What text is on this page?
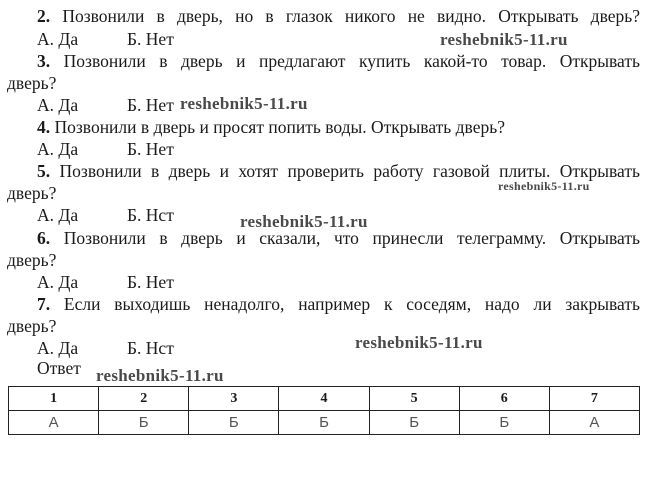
2. Позвонили в дверь, но в глазок никого не видно. Открывать дверь?
А. Да	Б. Нет
3. Позвонили в дверь и предлагают купить какой-то товар. Открывать
дверь?
А. Да	Б. Нет
4. Позвонили в дверь и просят попить воды. Открывать дверь?
А. Да	Б. Нет
5. Позвонили в дверь и хотят проверить работу газовой плиты. Открывать
дверь?
А. Да	Б. Нст
6. Позвонили в дверь и сказали, что принесли телеграмму. Открывать
дверь?
А. Да	Б. Нет
7. Если выходишь ненадолго, например к соседям, надо ли закрывать
дверь?
А. Да	Б. Нст
Ответ
reshebnik5-11.ru
reshebnik5-11.ru
reshebnik5-11.ru
reshebnik5-11.ru
reshebnik5-11.ru
reshebnik5-11.ru
1	2	3	4	5	6	7
А	Б	Б	Б	Б	Б	А
